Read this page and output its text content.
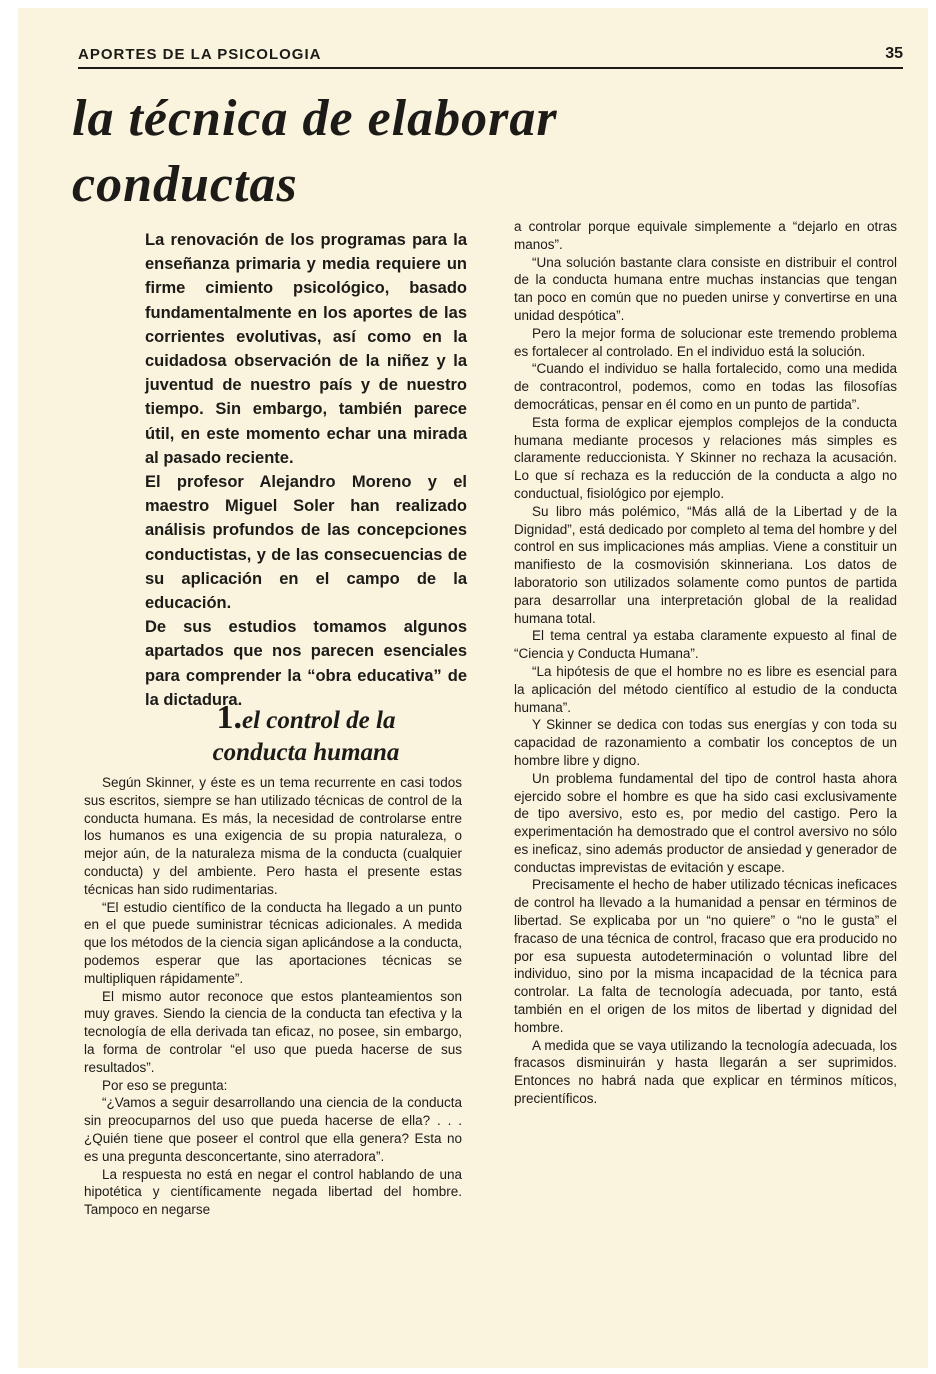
APORTES DE LA PSICOLOGIA	35
la técnica de elaborar
conductas

La renovación de los programas para la enseñanza primaria y media requiere un firme cimiento psicológico, basado fundamentalmente en los aportes de las corrientes evolutivas, así como en la cuidadosa observación de la niñez y la juventud de nuestro país y de nuestro tiempo. Sin embargo, también parece útil, en este momento echar una mirada al pasado reciente.

El profesor Alejandro Moreno y el maestro Miguel Soler han realizado análisis profundos de las concepciones conductistas, y de las consecuencias de su aplicación en el campo de la educación.

De sus estudios tomamos algunos apartados que nos parecen esenciales para comprender la “obra educativa” de la dictadura.

1.el control de la
conducta humana

Según Skinner, y éste es un tema recurrente en casi todos sus escritos, siempre se han utilizado técnicas de control de la conducta humana. Es más, la necesidad de controlarse entre los humanos es una exigencia de su propia naturaleza, o mejor aún, de la naturaleza misma de la conducta (cualquier conducta) y del ambiente. Pero hasta el presente estas técnicas han sido rudimentarias.

“El estudio científico de la conducta ha llegado a un punto en el que puede suministrar técnicas adicionales. A medida que los métodos de la ciencia sigan aplicándose a la conducta, podemos esperar que las aportaciones técnicas se multipliquen rápidamente”.

El mismo autor reconoce que estos planteamientos son muy graves. Siendo la ciencia de la conducta tan efectiva y la tecnología de ella derivada tan eficaz, no posee, sin embargo, la forma de controlar “el uso que pueda hacerse de sus resultados”.

Por eso se pregunta:

“¿Vamos a seguir desarrollando una ciencia de la conducta sin preocuparnos del uso que pueda hacerse de ella? . . . ¿Quién tiene que poseer el control que ella genera? Esta no es una pregunta desconcertante, sino aterradora”.

La respuesta no está en negar el control hablando de una hipotética y científicamente negada libertad del hombre. Tampoco en negarse

a controlar porque equivale simplemente a “dejarlo en otras manos”.

“Una solución bastante clara consiste en distribuir el control de la conducta humana entre muchas instancias que tengan tan poco en común que no pueden unirse y convertirse en una unidad despótica”.

Pero la mejor forma de solucionar este tremendo problema es fortalecer al controlado. En el individuo está la solución.

“Cuando el individuo se halla fortalecido, como una medida de contracontrol, podemos, como en todas las filosofías democráticas, pensar en él como en un punto de partida”.

Esta forma de explicar ejemplos complejos de la conducta humana mediante procesos y relaciones más simples es claramente reduccionista. Y Skinner no rechaza la acusación. Lo que sí rechaza es la reducción de la conducta a algo no conductual, fisiológico por ejemplo.

Su libro más polémico, “Más allá de la Libertad y de la Dignidad”, está dedicado por completo al tema del hombre y del control en sus implicaciones más amplias. Viene a constituir un manifiesto de la cosmovisión skinneriana. Los datos de laboratorio son utilizados solamente como puntos de partida para desarrollar una interpretación global de la realidad humana total.

El tema central ya estaba claramente expuesto al final de “Ciencia y Conducta Humana”.

“La hipótesis de que el hombre no es libre es esencial para la aplicación del método científico al estudio de la conducta humana”.

Y Skinner se dedica con todas sus energías y con toda su capacidad de razonamiento a combatir los conceptos de un hombre libre y digno.

Un problema fundamental del tipo de control hasta ahora ejercido sobre el hombre es que ha sido casi exclusivamente de tipo aversivo, esto es, por medio del castigo. Pero la experimentación ha demostrado que el control aversivo no sólo es ineficaz, sino además productor de ansiedad y generador de conductas imprevistas de evitación y escape.

Precisamente el hecho de haber utilizado técnicas ineficaces de control ha llevado a la humanidad a pensar en términos de libertad. Se explicaba por un “no quiere” o “no le gusta” el fracaso de una técnica de control, fracaso que era producido no por esa supuesta autodeterminación o voluntad libre del individuo, sino por la misma incapacidad de la técnica para controlar. La falta de tecnología adecuada, por tanto, está también en el origen de los mitos de libertad y dignidad del hombre.

A medida que se vaya utilizando la tecnología adecuada, los fracasos disminuirán y hasta llegarán a ser suprimidos. Entonces no habrá nada que explicar en términos míticos, precientíficos.
